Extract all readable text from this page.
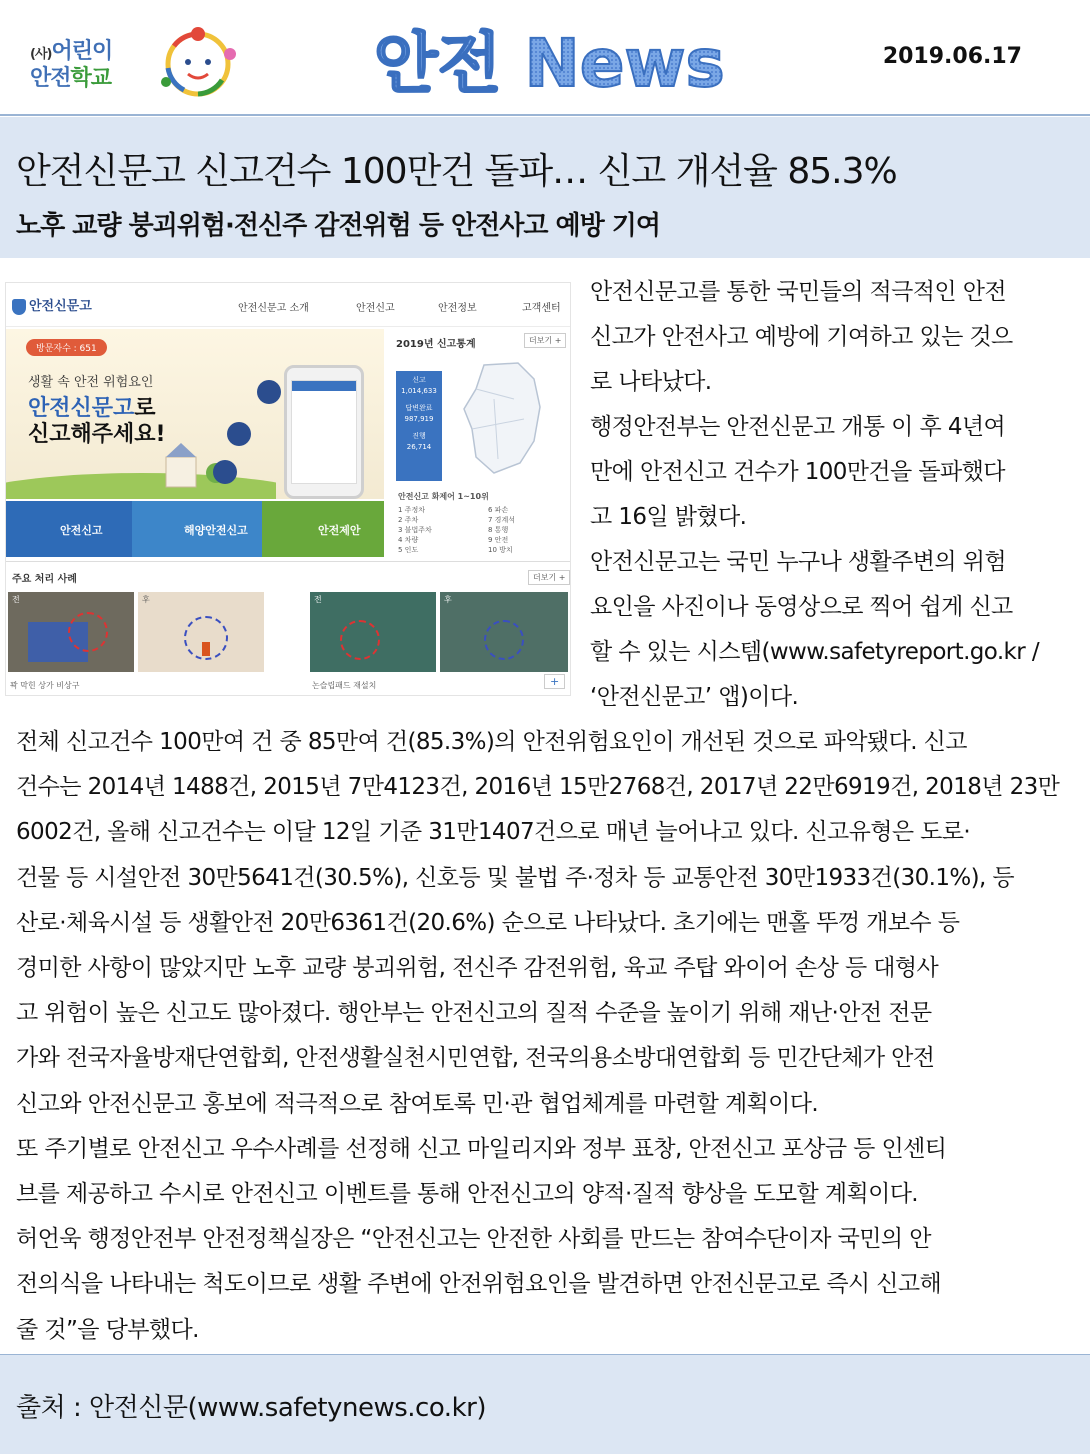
(사)어린이
안전학교	안전 News	2019.06.17
안전신문고 신고건수 100만건 돌파… 신고 개선율 85.3%
노후 교량 붕괴위험·전신주 감전위험 등 안전사고 예방 기여
안전신문고	안전신문고 소개	안전신고	안전정보	고객센터
방문자수 : 651
생활 속 안전 위험요인
안전신문고로
신고해주세요!
2019년 신고통계	더보기 +
신고
1,014,633
답변완료
987,919
진행
26,714
안전신고	해양안전신고	안전제안
안전신고 화제어 1~10위
1 주정차
2 주차
3 불법주차
4 차량
5 인도
6 파손
7 경계석
8 통행
9 안전
10 방치
주요 처리 사례	더보기 +
전	후
꽉 막힌 상가 비상구
전	후
논슬립패드 재설치	+

안전신문고를 통한 국민들의 적극적인 안전

신고가 안전사고 예방에 기여하고 있는 것으

로 나타났다.

행정안전부는 안전신문고 개통 이 후 4년여

만에 안전신고 건수가 100만건을 돌파했다

고 16일 밝혔다.

안전신문고는 국민 누구나 생활주변의 위험

요인을 사진이나 동영상으로 찍어 쉽게 신고

할 수 있는 시스템(www.safetyreport.go.kr /

‘안전신문고’ 앱)이다.

전체 신고건수 100만여 건 중 85만여 건(85.3%)의 안전위험요인이 개선된 것으로 파악됐다. 신고

건수는 2014년 1488건, 2015년 7만4123건, 2016년 15만2768건, 2017년 22만6919건, 2018년 23만

6002건, 올해 신고건수는 이달 12일 기준 31만1407건으로 매년 늘어나고 있다. 신고유형은 도로·

건물 등 시설안전 30만5641건(30.5%), 신호등 및 불법 주·정차 등 교통안전 30만1933건(30.1%), 등

산로·체육시설 등 생활안전 20만6361건(20.6%) 순으로 나타났다. 초기에는 맨홀 뚜껑 개보수 등

경미한 사항이 많았지만 노후 교량 붕괴위험, 전신주 감전위험, 육교 주탑 와이어 손상 등 대형사

고 위험이 높은 신고도 많아졌다. 행안부는 안전신고의 질적 수준을 높이기 위해 재난·안전 전문

가와 전국자율방재단연합회, 안전생활실천시민연합, 전국의용소방대연합회 등 민간단체가 안전

신고와 안전신문고 홍보에 적극적으로 참여토록 민·관 협업체계를 마련할 계획이다.

또 주기별로 안전신고 우수사례를 선정해 신고 마일리지와 정부 표창, 안전신고 포상금 등 인센티

브를 제공하고 수시로 안전신고 이벤트를 통해 안전신고의 양적·질적 향상을 도모할 계획이다.

허언욱 행정안전부 안전정책실장은 “안전신고는 안전한 사회를 만드는 참여수단이자 국민의 안

전의식을 나타내는 척도이므로 생활 주변에 안전위험요인을 발견하면 안전신문고로 즉시 신고해

줄 것”을 당부했다.

출처 : 안전신문(www.safetynews.co.kr)
